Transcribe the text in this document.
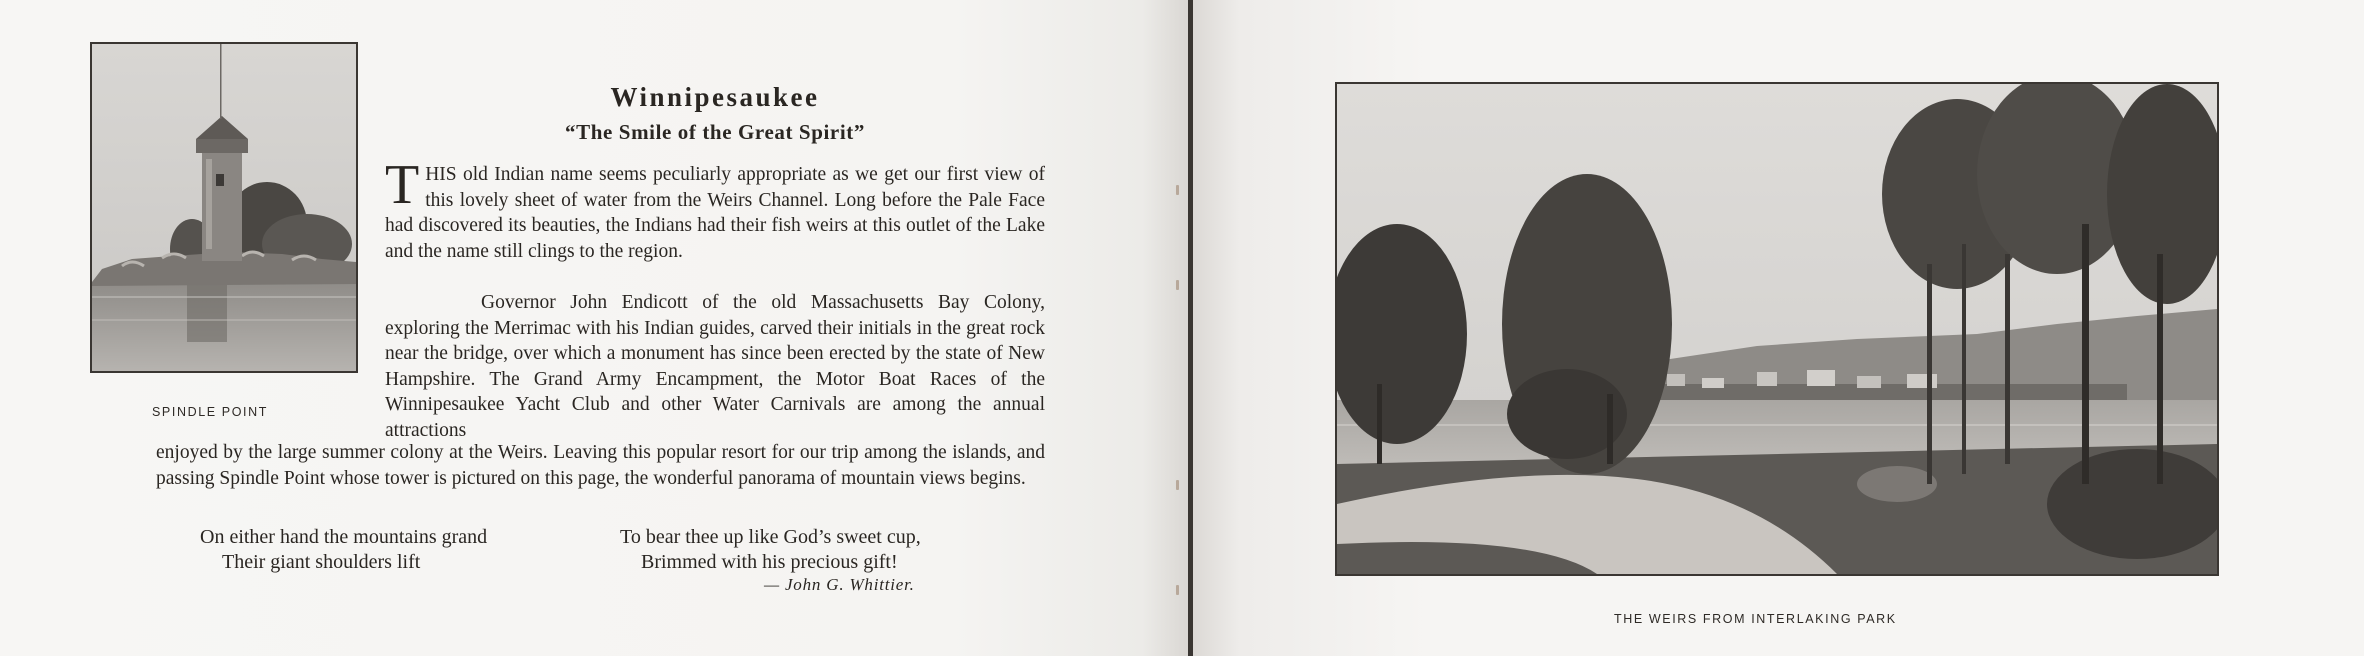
SPINDLE POINT
Winnipesaukee
“The Smile of the Great Spirit”
THIS old Indian name seems peculiarly appropriate as we get our first view of this lovely sheet of water from the Weirs Channel. Long before the Pale Face had discovered its beauties, the Indians had their fish weirs at this outlet of the Lake and the name still clings to the region.
Governor John Endicott of the old Massachusetts Bay Colony, exploring the Merrimac with his Indian guides, carved their initials in the great rock near the bridge, over which a monument has since been erected by the state of New Hampshire. The Grand Army Encampment, the Motor Boat Races of the Winnipesaukee Yacht Club and other Water Carnivals are among the annual attractions
enjoyed by the large summer colony at the Weirs. Leaving this popular resort for our trip among the islands, and passing Spindle Point whose tower is pictured on this page, the wonderful panorama of mountain views begins.
On either hand the mountains grand
Their giant shoulders lift
To bear thee up like God’s sweet cup,
Brimmed with his precious gift!
— John G. Whittier.
THE WEIRS FROM INTERLAKING PARK
